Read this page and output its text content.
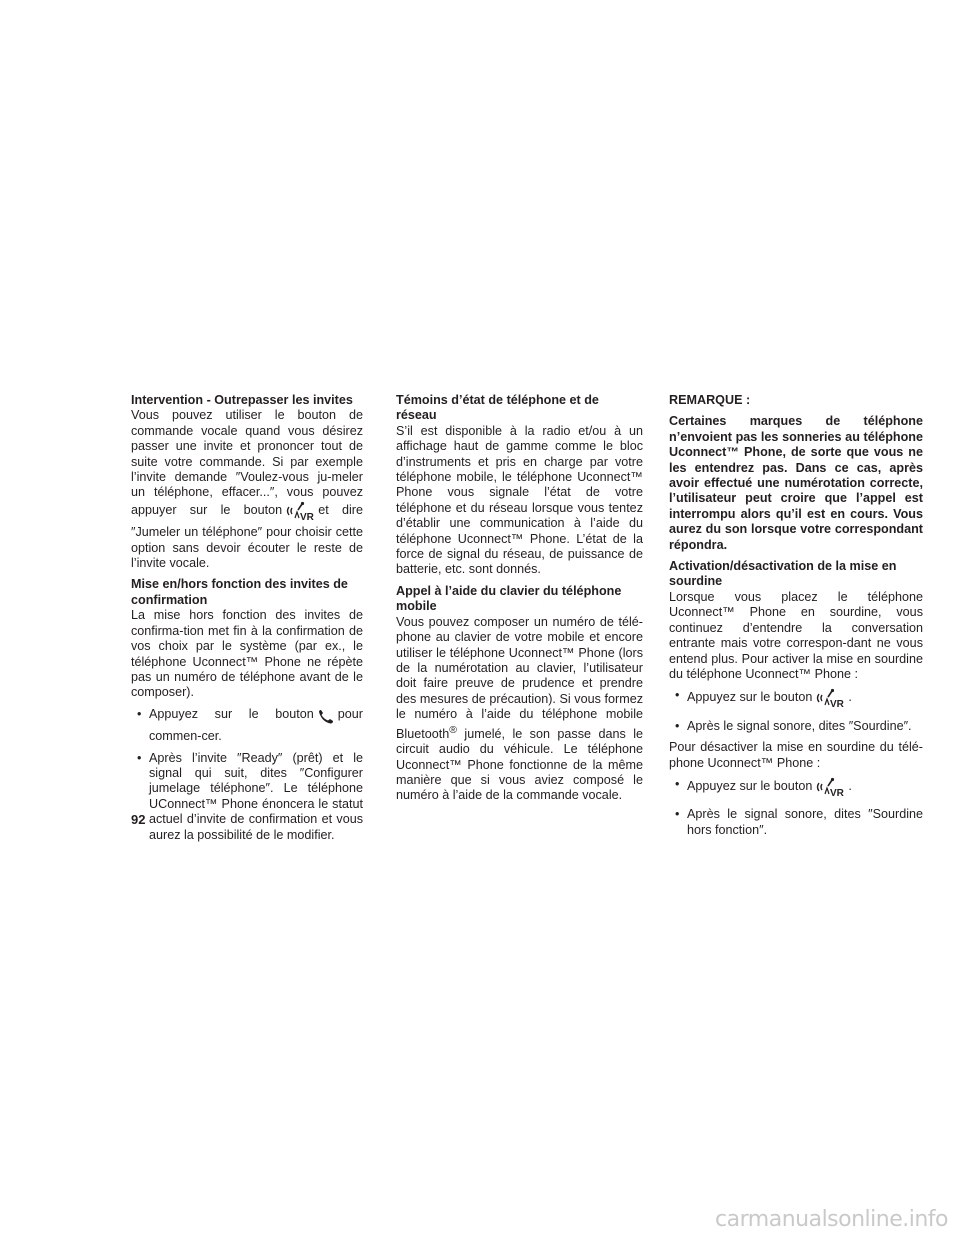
Intervention - Outrepasser les invites

Vous pouvez utiliser le bouton de commande vocale quand vous désirez passer une invite et prononcer tout de suite votre commande. Si par exemple l’invite demande ″Voulez-vous ju-meler un téléphone, effacer...″, vous pouvez appuyer sur le bouton
VR
et dire ″Jumeler un téléphone″ pour choisir cette option sans devoir écouter le reste de l’invite vocale.

Mise en/hors fonction des invites de confirmation

La mise hors fonction des invites de confirma-tion met fin à la confirmation de vos choix par le système (par ex., le téléphone Uconnect™ Phone ne répète pas un numéro de téléphone avant de le composer).

• Appuyez sur le bouton pour commen-cer.
• Après l’invite ″Ready″ (prêt) et le signal qui suit, dites ″Configurer jumelage téléphone″. Le téléphone UConnect™ Phone énoncera le statut actuel d’invite de confirmation et vous aurez la possibilité de le modifier.
Témoins d’état de téléphone et de réseau

S’il est disponible à la radio et/ou à un affichage haut de gamme comme le bloc d’instruments et pris en charge par votre téléphone mobile, le téléphone Uconnect™ Phone vous signale l’état de votre téléphone et du réseau lorsque vous tentez d’établir une communication à l’aide du téléphone Uconnect™ Phone. L’état de la force de signal du réseau, de puissance de batterie, etc. sont donnés.

Appel à l’aide du clavier du téléphone mobile

Vous pouvez composer un numéro de télé-phone au clavier de votre mobile et encore utiliser le téléphone Uconnect™ Phone (lors de la numérotation au clavier, l’utilisateur doit faire preuve de prudence et prendre des mesures de précaution). Si vous formez le numéro à l’aide du téléphone mobile Bluetooth® jumelé, le son passe dans le circuit audio du véhicule. Le téléphone Uconnect™ Phone fonctionne de la même manière que si vous aviez composé le numéro à l’aide de la commande vocale.

REMARQUE :

Certaines marques de téléphone n’envoient pas les sonneries au téléphone Uconnect™ Phone, de sorte que vous ne les entendrez pas. Dans ce cas, après avoir effectué une numérotation correcte, l’utilisateur peut croire que l’appel est interrompu alors qu’il est en cours. Vous aurez du son lorsque votre correspondant répondra.

Activation/désactivation de la mise en sourdine

Lorsque vous placez le téléphone Uconnect™ Phone en sourdine, vous continuez d’entendre la conversation entrante mais votre correspon-dant ne vous entend plus. Pour activer la mise en sourdine du téléphone Uconnect™ Phone :

• Appuyez sur le bouton
VR
.
• Après le signal sonore, dites ″Sourdine″.

Pour désactiver la mise en sourdine du télé-phone Uconnect™ Phone :

• Appuyez sur le bouton
VR
.
• Après le signal sonore, dites ″Sourdine hors fonction″.
92
carmanualsonline.info
